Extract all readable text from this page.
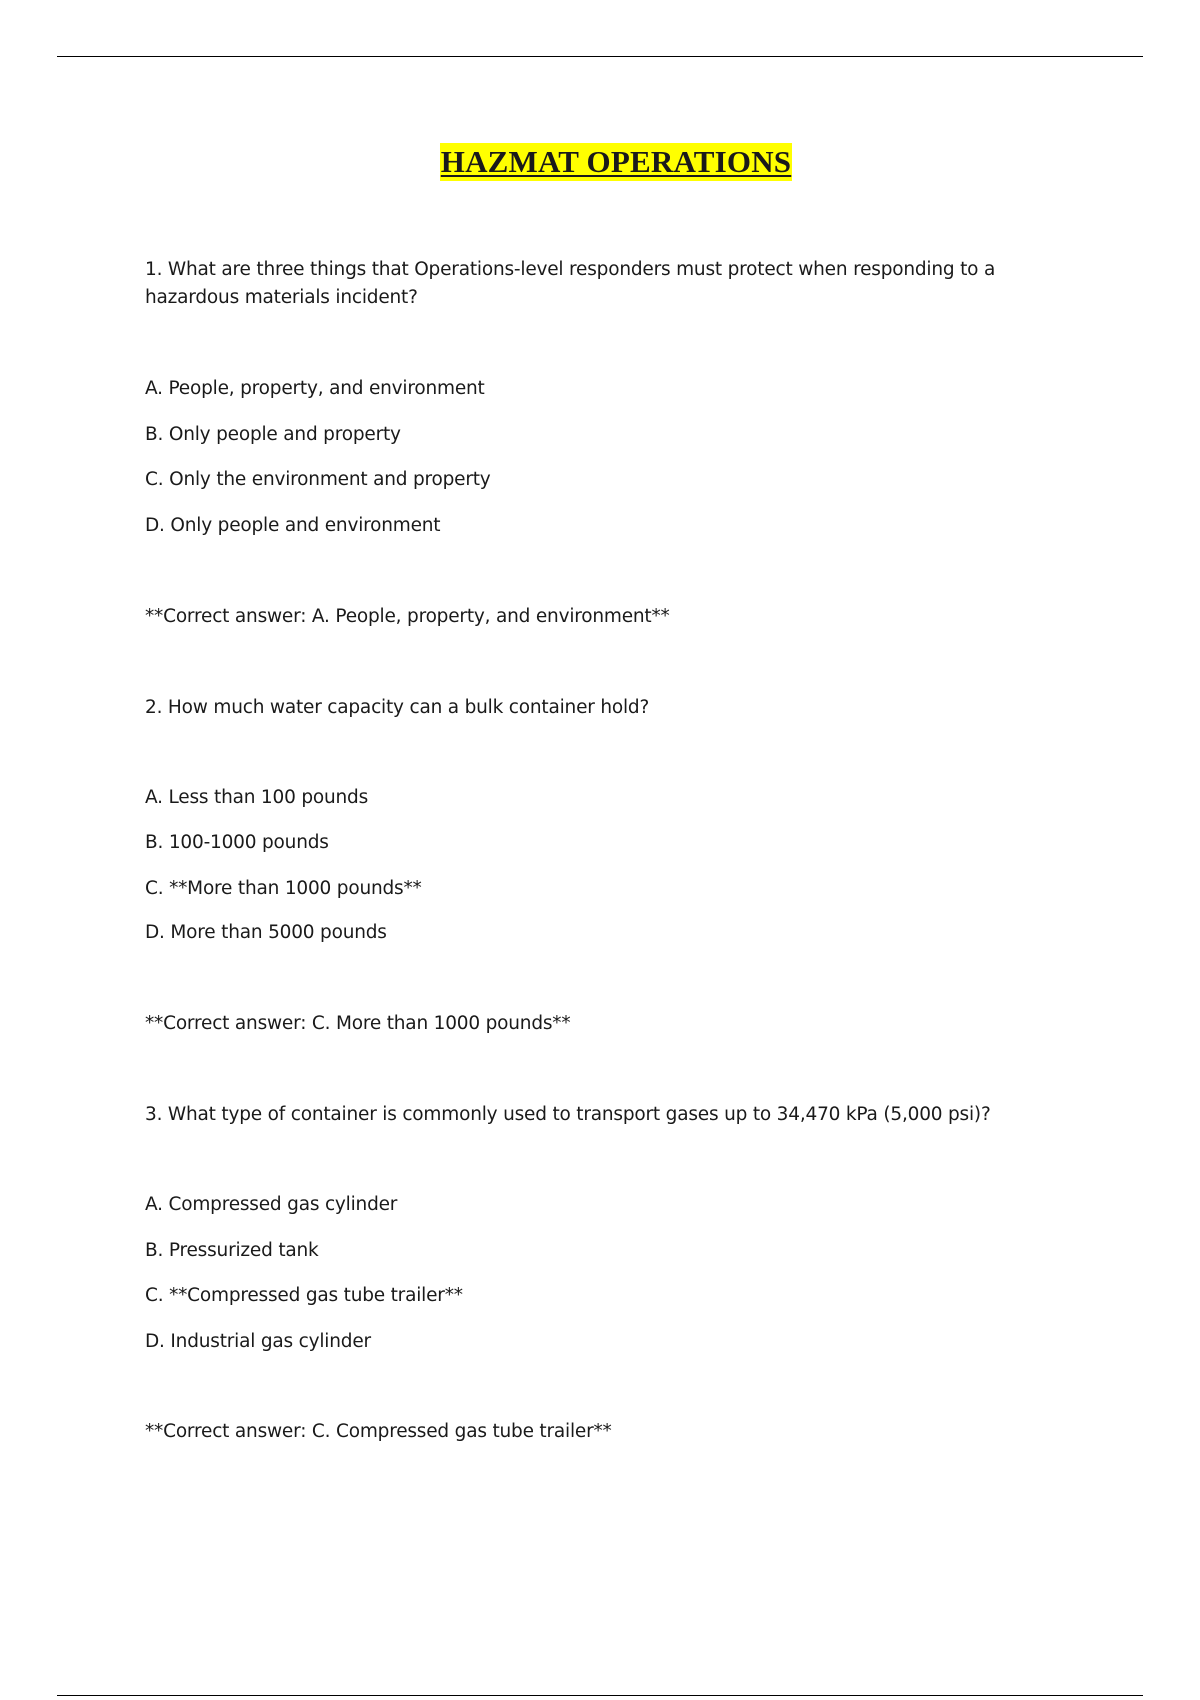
HAZMAT OPERATIONS
1. What are three things that Operations-level responders must protect when responding to a hazardous materials incident?
A. People, property, and environment
B. Only people and property
C. Only the environment and property
D. Only people and environment
**Correct answer: A. People, property, and environment**
2. How much water capacity can a bulk container hold?
A. Less than 100 pounds
B. 100-1000 pounds
C. **More than 1000 pounds**
D. More than 5000 pounds
**Correct answer: C. More than 1000 pounds**
3. What type of container is commonly used to transport gases up to 34,470 kPa (5,000 psi)?
A. Compressed gas cylinder
B. Pressurized tank
C. **Compressed gas tube trailer**
D. Industrial gas cylinder
**Correct answer: C. Compressed gas tube trailer**
